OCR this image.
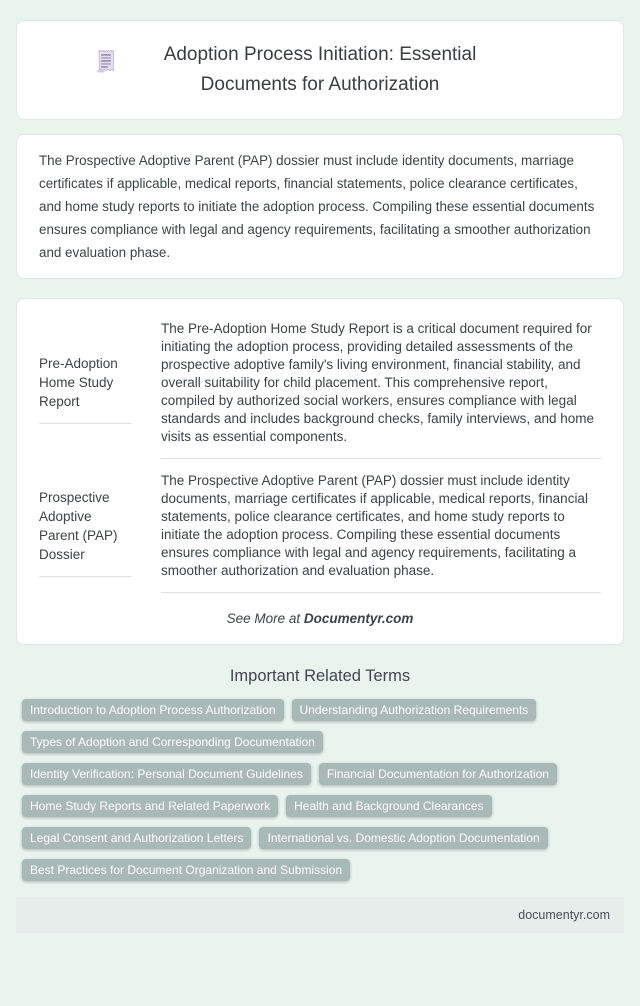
Adoption Process Initiation: Essential Documents for Authorization

The Prospective Adoptive Parent (PAP) dossier must include identity documents, marriage certificates if applicable, medical reports, financial statements, police clearance certificates, and home study reports to initiate the adoption process. Compiling these essential documents ensures compliance with legal and agency requirements, facilitating a smoother authorization and evaluation phase.

Pre-Adoption Home Study Report
The Pre-Adoption Home Study Report is a critical document required for initiating the adoption process, providing detailed assessments of the prospective adoptive family's living environment, financial stability, and overall suitability for child placement. This comprehensive report, compiled by authorized social workers, ensures compliance with legal standards and includes background checks, family interviews, and home visits as essential components.
Prospective Adoptive Parent (PAP) Dossier
The Prospective Adoptive Parent (PAP) dossier must include identity documents, marriage certificates if applicable, medical reports, financial statements, police clearance certificates, and home study reports to initiate the adoption process. Compiling these essential documents ensures compliance with legal and agency requirements, facilitating a smoother authorization and evaluation phase.
See More at Documentyr.com
Important Related Terms
Introduction to Adoption Process Authorization	Understanding Authorization Requirements
Types of Adoption and Corresponding Documentation
Identity Verification: Personal Document Guidelines	Financial Documentation for Authorization
Home Study Reports and Related Paperwork	Health and Background Clearances
Legal Consent and Authorization Letters	International vs. Domestic Adoption Documentation
Best Practices for Document Organization and Submission
documentyr.com
